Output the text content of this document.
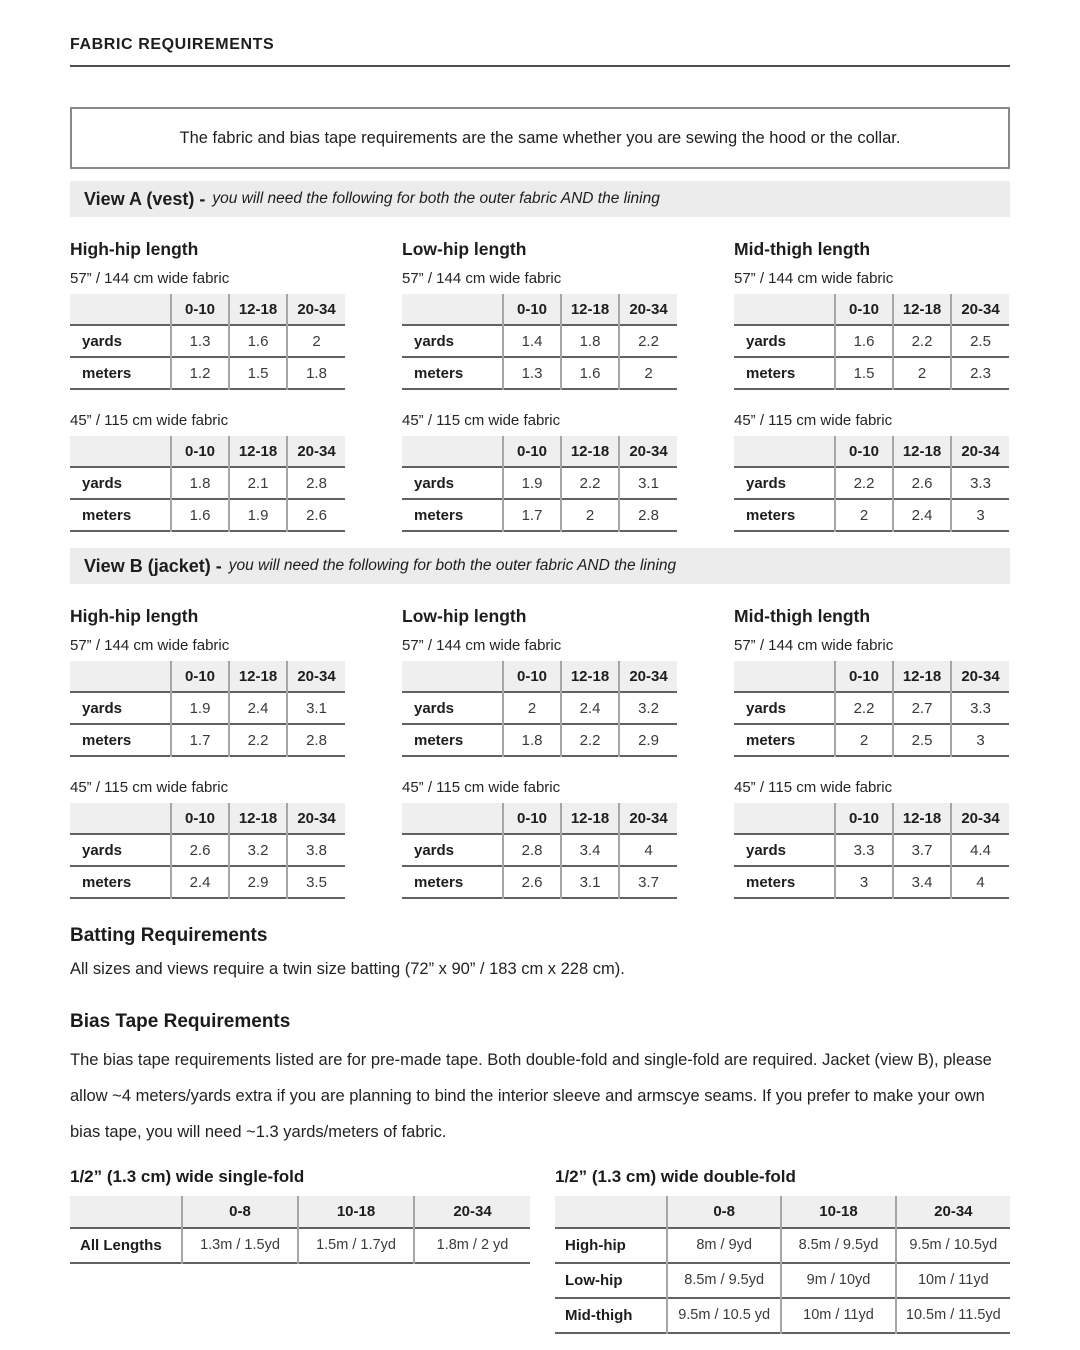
FABRIC REQUIREMENTS
The fabric and bias tape requirements are the same whether you are sewing the hood or the collar.
View A (vest) - you will need the following for both the outer fabric AND the lining
High-hip length

57” / 144 cm wide fabric

	0-10	12-18	20-34
yards	1.3	1.6	2
meters	1.2	1.5	1.8

45” / 115 cm wide fabric

	0-10	12-18	20-34
yards	1.8	2.1	2.8
meters	1.6	1.9	2.6
Low-hip length

57” / 144 cm wide fabric

	0-10	12-18	20-34
yards	1.4	1.8	2.2
meters	1.3	1.6	2

45” / 115 cm wide fabric

	0-10	12-18	20-34
yards	1.9	2.2	3.1
meters	1.7	2	2.8
Mid-thigh length

57” / 144 cm wide fabric

	0-10	12-18	20-34
yards	1.6	2.2	2.5
meters	1.5	2	2.3

45” / 115 cm wide fabric

	0-10	12-18	20-34
yards	2.2	2.6	3.3
meters	2	2.4	3
View B (jacket) - you will need the following for both the outer fabric AND the lining
High-hip length

57” / 144 cm wide fabric

	0-10	12-18	20-34
yards	1.9	2.4	3.1
meters	1.7	2.2	2.8

45” / 115 cm wide fabric

	0-10	12-18	20-34
yards	2.6	3.2	3.8
meters	2.4	2.9	3.5
Low-hip length

57” / 144 cm wide fabric

	0-10	12-18	20-34
yards	2	2.4	3.2
meters	1.8	2.2	2.9

45” / 115 cm wide fabric

	0-10	12-18	20-34
yards	2.8	3.4	4
meters	2.6	3.1	3.7
Mid-thigh length

57” / 144 cm wide fabric

	0-10	12-18	20-34
yards	2.2	2.7	3.3
meters	2	2.5	3

45” / 115 cm wide fabric

	0-10	12-18	20-34
yards	3.3	3.7	4.4
meters	3	3.4	4
Batting Requirements

All sizes and views require a twin size batting (72” x 90” / 183 cm x 228 cm).

Bias Tape Requirements

The bias tape requirements listed are for pre-made tape. Both double-fold and single-fold are required. Jacket (view B), please allow ~4 meters/yards extra if you are planning to bind the interior sleeve and armscye seams. If you prefer to make your own bias tape, you will need ~1.3 yards/meters of fabric.

1/2” (1.3 cm) wide single-fold
	0-8	10-18	20-34
All Lengths	1.3m / 1.5yd	1.5m / 1.7yd	1.8m / 2 yd
1/2” (1.3 cm) wide double-fold
	0-8	10-18	20-34
High-hip	8m / 9yd	8.5m / 9.5yd	9.5m / 10.5yd
Low-hip	8.5m / 9.5yd	9m / 10yd	10m / 11yd
Mid-thigh	9.5m / 10.5 yd	10m / 11yd	10.5m / 11.5yd
